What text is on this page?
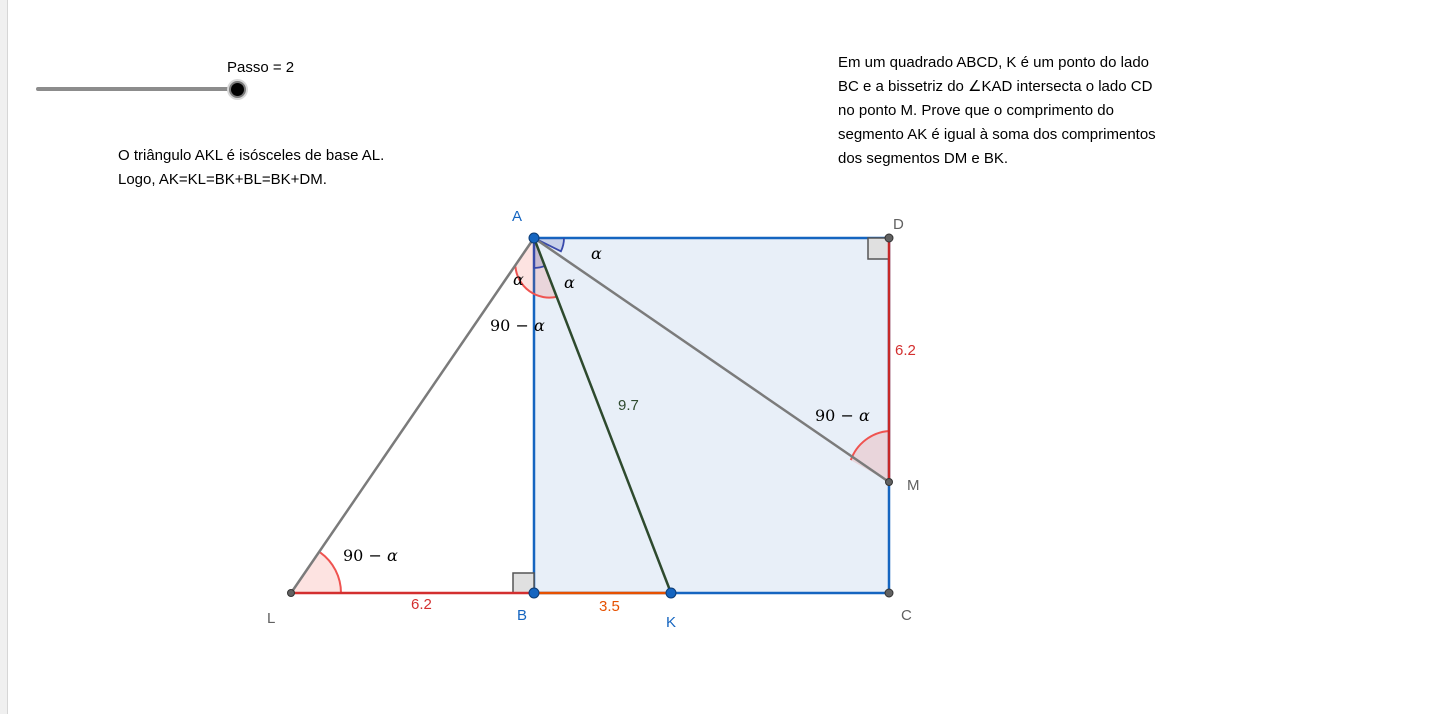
Passo = 2	Em um quadrado ABCD, K é um ponto do lado
BC e a bissetriz do ∠KAD intersecta o lado CD
no ponto M. Prove que o comprimento do
segmento AK é igual à soma dos comprimentos
dos segmentos DM e BK.
O triângulo AKL é isósceles de base AL.
Logo, AK=KL=BK+BL=BK+DM.
A
B	K	C
D
M
L
6.2
6.2	3.5
9.7
α
α	α
90 − α
90 − α
90 − α
